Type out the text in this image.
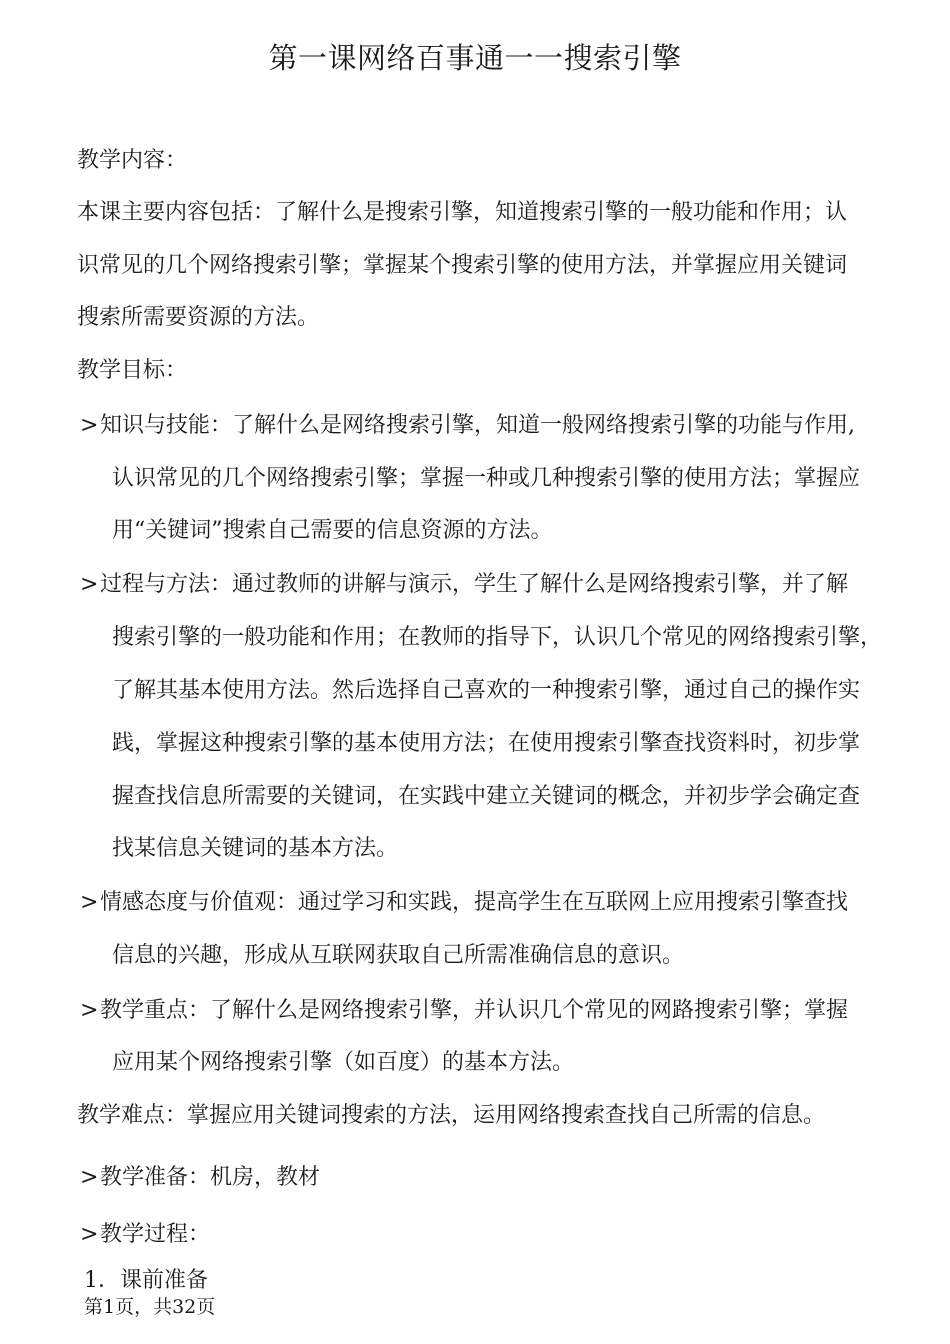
第一课网络百事通一一搜索引擎
教学内容：
本课主要内容包括：了解什么是搜索引擎，知道搜索引擎的一般功能和作用；认
识常见的几个网络搜索引擎；掌握某个搜索引擎的使用方法，并掌握应用关键词
搜索所需要资源的方法。
教学目标：
>知识与技能：了解什么是网络搜索引擎，知道一般网络搜索引擎的功能与作用,
认识常见的几个网络搜索引擎；掌握一种或几种搜索引擎的使用方法；掌握应
用“关键词”搜索自己需要的信息资源的方法。
>过程与方法：通过教师的讲解与演示，学生了解什么是网络搜索引擎，并了解
搜索引擎的一般功能和作用；在教师的指导下，认识几个常见的网络搜索引擎，
了解其基本使用方法。然后选择自己喜欢的一种搜索引擎，通过自己的操作实
践，掌握这种搜索引擎的基本使用方法；在使用搜索引擎查找资料时，初步掌
握查找信息所需要的关键词，在实践中建立关键词的概念，并初步学会确定查
找某信息关键词的基本方法。
>情感态度与价值观：通过学习和实践，提高学生在互联网上应用搜索引擎查找
信息的兴趣，形成从互联网获取自己所需准确信息的意识。
>教学重点：了解什么是网络搜索引擎，并认识几个常见的网路搜索引擎；掌握
应用某个网络搜索引擎（如百度）的基本方法。
教学难点：掌握应用关键词搜索的方法，运用网络搜索查找自己所需的信息。
>教学准备：机房，教材
>教学过程：
1．课前准备
第1页，共32页
